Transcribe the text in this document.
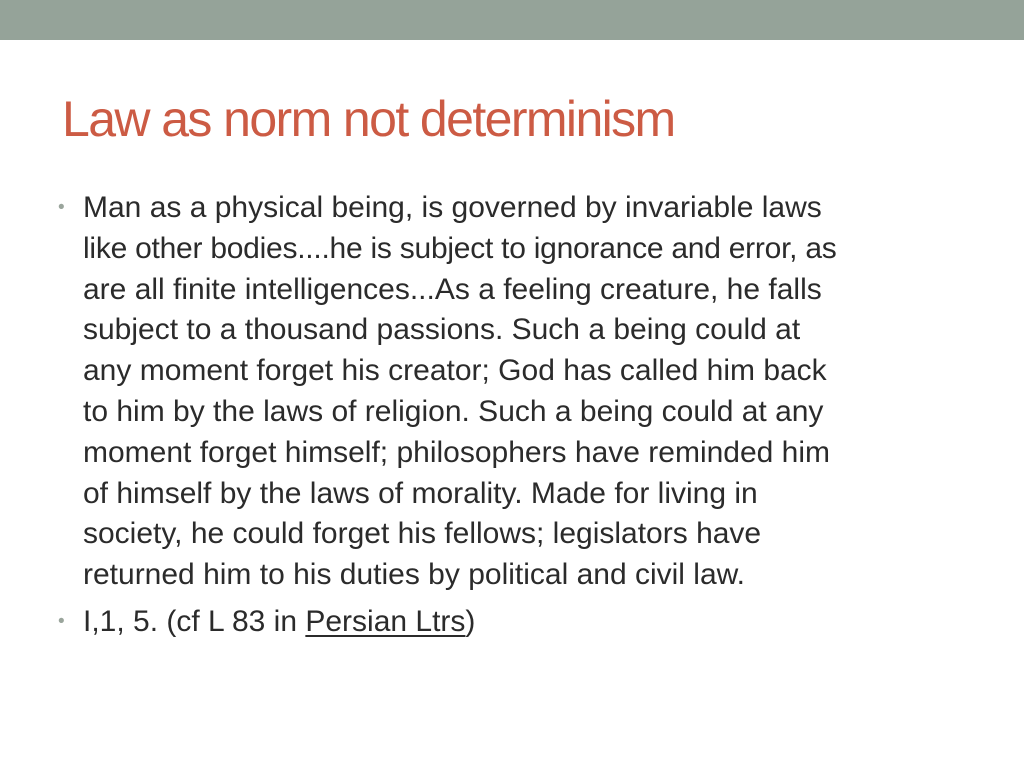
Law as norm not determinism
• Man as a physical being, is governed by invariable laws
like other bodies....he is subject to ignorance and error, as
are all finite intelligences...As a feeling creature, he falls
subject to a thousand passions. Such a being could at
any moment forget his creator; God has called him back
to him by the laws of religion. Such a being could at any
moment forget himself; philosophers have reminded him
of himself by the laws of morality. Made for living in
society, he could forget his fellows; legislators have
returned him to his duties by political and civil law.
• I,1, 5. (cf L 83 in Persian Ltrs)
